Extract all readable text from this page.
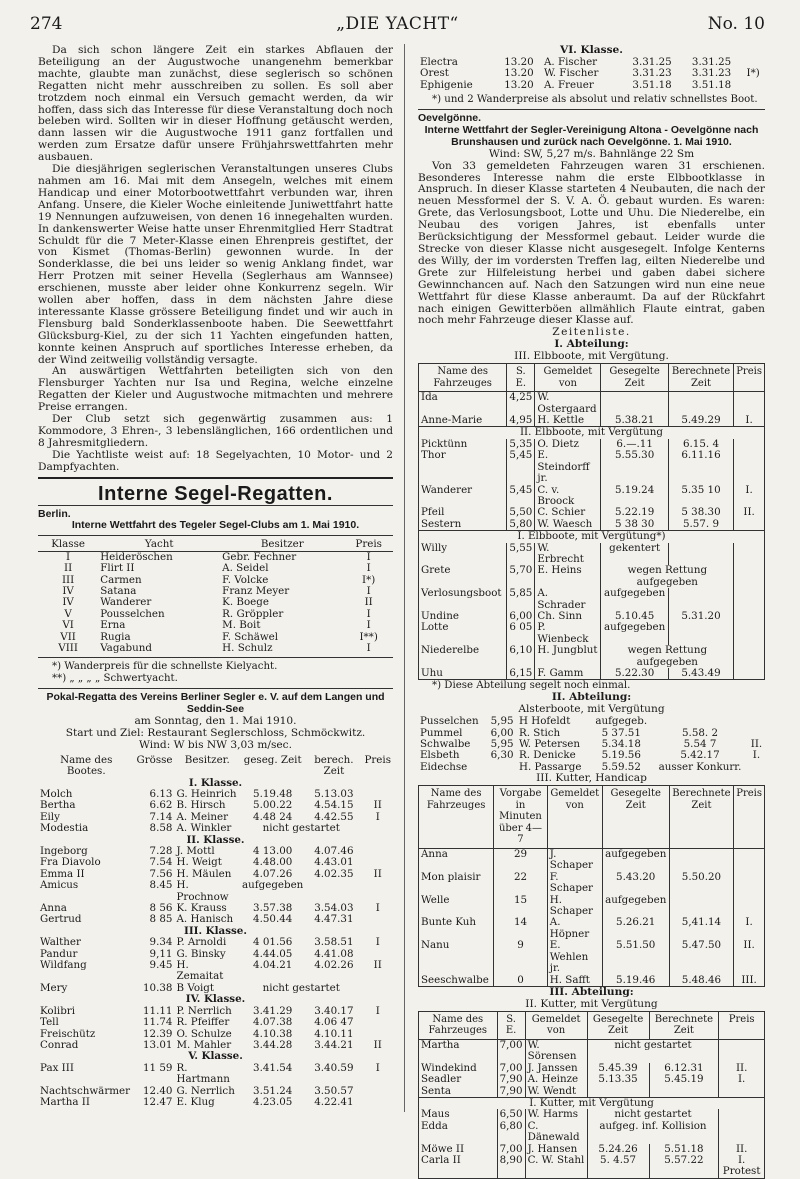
274	„DIE YACHT“	No. 10

Da sich schon längere Zeit ein starkes Abflauen der Beteiligung an der Augustwoche unangenehm bemerkbar machte, glaubte man zunächst, diese seglerisch so schönen Regatten nicht mehr ausschreiben zu sollen. Es soll aber trotzdem noch einmal ein Versuch gemacht werden, da wir hoffen, dass sich das Interesse für diese Veranstaltung doch noch beleben wird. Sollten wir in dieser Hoffnung getäuscht werden, dann lassen wir die Augustwoche 1911 ganz fortfallen und werden zum Ersatze dafür unsere Frühjahrswettfahrten mehr ausbauen.

Die diesjährigen seglerischen Veranstaltungen unseres Clubs nahmen am 16. Mai mit dem Ansegeln, welches mit einem Handicap und einer Motorbootwettfahrt verbunden war, ihren Anfang. Unsere, die Kieler Woche einleitende Juniwettfahrt hatte 19 Nennungen aufzuweisen, von denen 16 innegehalten wurden. In dankenswerter Weise hatte unser Ehrenmitglied Herr Stadtrat Schuldt für die 7 Meter-Klasse einen Ehrenpreis gestiftet, der von Kismet (Thomas-Berlin) gewonnen wurde. In der Sonderklasse, die bei uns leider so wenig Anklang findet, war Herr Protzen mit seiner Hevella (Seglerhaus am Wannsee) erschienen, musste aber leider ohne Konkurrenz segeln. Wir wollen aber hoffen, dass in dem nächsten Jahre diese interessante Klasse grössere Beteiligung findet und wir auch in Flensburg bald Sonderklassenboote haben. Die Seewettfahrt Glücksburg-Kiel, zu der sich 11 Yachten eingefunden hatten, konnte keinen Anspruch auf sportliches Interesse erheben, da der Wind zeitweilig vollständig versagte.

An auswärtigen Wettfahrten beteiligten sich von den Flensburger Yachten nur Isa und Regina, welche einzelne Regatten der Kieler und Augustwoche mitmachten und mehrere Preise errangen.

Der Club setzt sich gegenwärtig zusammen aus: 1 Kommodore, 3 Ehren-, 3 lebenslänglichen, 166 ordentlichen und 8 Jahresmitgliedern.

Die Yachtliste weist auf: 18 Segelyachten, 10 Motor- und 2 Dampfyachten.

Interne Segel-Regatten.
Berlin.
Interne Wettfahrt des Tegeler Segel-Clubs am 1. Mai 1910.
Klasse	Yacht	Besitzer	Preis
I	Heideröschen	Gebr. Fechner	I
II	Flirt II	A. Seidel	I
III	Carmen	F. Volcke	I*)
IV	Satana	Franz Meyer	I
IV	Wanderer	K. Boege	II
V	Pousselchen	R. Gröppler	I
VI	Erna	M. Boit	I
VII	Rugia	F. Schäwel	I**)
VIII	Vagabund	H. Schulz	I
*) Wanderpreis für die schnellste Kielyacht.
**) „ „ „ „ Schwertyacht.
Pokal-Regatta des Vereins Berliner Segler e. V. auf dem Langen und Seddin-See
am Sonntag, den 1. Mai 1910.
Start und Ziel: Restaurant Seglerschloss, Schmöckwitz.
Wind: W bis NW 3,03 m/sec.
Name des Bootes.	Grösse	Besitzer.	geseg. Zeit	berech. Zeit	Preis
I. Klasse.					
Molch	6.13	G. Heinrich	5.19.48	5.13.03	
Bertha	6.62	B. Hirsch	5.00.22	4.54.15	II
Eily	7.14	A. Meiner	4.48 24	4.42.55	I
Modestia	8.58	A. Winkler	nicht gestartet		
II. Klasse.					
Ingeborg	7.28	J. Mottl	4 13.00	4.07.46	
Fra Diavolo	7.54	H. Weigt	4.48.00	4.43.01	
Emma II	7.56	H. Mäulen	4.07.26	4.02.35	II
Amicus	8.45	H. Prochnow	aufgegeben		
Anna	8 56	K. Krauss	3.57.38	3.54.03	I
Gertrud	8 85	A. Hanisch	4.50.44	4.47.31	
III. Klasse.					
Walther	9.34	P. Arnoldi	4 01.56	3.58.51	I
Pandur	9,11	G. Binsky	4.44.05	4.41.08	
Wildfang	9.45	H. Zemaitat	4.04.21	4.02.26	II
Mery	10.38	B Voigt	nicht gestartet		
IV. Klasse.					
Kolibri	11.11	P. Nerrlich	3.41.29	3.40.17	I
Tell	11.74	R. Pfeiffer	4.07.38	4.06 47	
Freischütz	12.39	O. Schulze	4.10.38	4.10.11	
Conrad	13.01	M. Mahler	3.44.28	3.44.21	II
V. Klasse.					
Pax III	11 59	R. Hartmann	3.41.54	3.40.59	I
Nachtschwärmer	12.40	G. Nerrlich	3.51.24	3.50.57	
Martha II	12.47	E. Klug	4.23.05	4.22.41	
VI. Klasse.
Electra	13.20	A. Fischer	3.31.25	3.31.25	
Orest	13.20	W. Fischer	3.31.23	3.31.23	I*)
Ephigenie	13.20	A. Freuer	3.51.18	3.51.18	
*) und 2 Wanderpreise als absolut und relativ schnellstes Boot.
Oevelgönne.
Interne Wettfahrt der Segler-Vereinigung Altona - Oevelgönne nach Brunshausen und zurück nach Oevelgönne. 1. Mai 1910.
Wind: SW, 5,27 m/s. Bahnlänge 22 Sm

Von 33 gemeldeten Fahrzeugen waren 31 erschienen. Besonderes Interesse nahm die erste Elbbootklasse in Anspruch. In dieser Klasse starteten 4 Neubauten, die nach der neuen Messformel der S. V. A. Ö. gebaut wurden. Es waren: Grete, das Verlosungsboot, Lotte und Uhu. Die Niederelbe, ein Neubau des vorigen Jahres, ist ebenfalls unter Berücksichtigung der Messformel gebaut. Leider wurde die Strecke von dieser Klasse nicht ausgesegelt. Infolge Kenterns des Willy, der im vordersten Treffen lag, eilten Niederelbe und Grete zur Hilfeleistung herbei und gaben dabei sichere Gewinnchancen auf. Nach den Satzungen wird nun eine neue Wettfahrt für diese Klasse anberaumt. Da auf der Rückfahrt nach einigen Gewitterböen allmählich Flaute eintrat, gaben noch mehr Fahrzeuge dieser Klasse auf.

Zeitenliste.
I. Abteilung:
III. Elbboote, mit Vergütung.
Name des Fahrzeuges	S. E.	Gemeldet von	Gesegelte Zeit	Berechnete Zeit	Preis
Ida	4,25	W. Ostergaard			
Anne-Marie	4,95	H. Kettle	5.38.21	5.49.29	I.
II. Elbboote, mit Vergütung					
Picktünn	5,35	O. Dietz	6.—.11	6.15. 4	
Thor	5,45	E. Steindorff jr.	5.55.30	6.11.16	
Wanderer	5,45	C. v. Broock	5.19.24	5.35 10	I.
Pfeil	5,50	C. Schier	5.22.19	5 38.30	II.
Sestern	5,80	W. Waesch	5 38 30	5.57. 9	
I. Elbboote, mit Vergütung*)					
Willy	5,55	W. Erbrecht	gekentert		
Grete	5,70	E. Heins	wegen Rettung aufgegeben		
Verlosungsboot	5,85	A. Schrader	aufgegeben		
Undine	6,00	Ch. Sinn	5.10.45	5.31.20	
Lotte	6 05	P. Wienbeck	aufgegeben		
Niederelbe	6,10	H. Jungblut	wegen Rettung aufgegeben		
Uhu	6,15	F. Gamm	5.22.30	5.43.49	
*) Diese Abteilung segelt noch einmal.
II. Abteilung:
Alsterboote, mit Vergütung
Pusselchen	5,95	H Hofeldt	aufgegeb.		
Pummel	6,00	R. Stich	5 37.51	5.58. 2	
Schwalbe	5,95	W. Petersen	5.34.18	5.54 7	II.
Elsbeth	6,30	R. Denicke	5.19.56	5.42.17	I.
Eidechse		H. Passarge	5.59.52	ausser Konkurr.	
III. Kutter, Handicap
Name des Fahrzeuges	Vorgabe in Minuten über 4—7	Gemeldet von	Gesegelte Zeit	Berechnete Zeit	Preis
Anna	29	J. Schaper	aufgegeben		
Mon plaisir	22	F. Schaper	5.43.20	5.50.20	
Welle	15	H. Schaper	aufgegeben		
Bunte Kuh	14	A. Höpner	5.26.21	5,41.14	I.
Nanu	9	E. Wehlen jr.	5.51.50	5.47.50	II.
Seeschwalbe	0	H. Safft	5.19.46	5.48.46	III.
III. Abteilung:
II. Kutter, mit Vergütung
Name des Fahrzeuges	S. E.	Gemeldet von	Gesegelte Zeit	Berechnete Zeit	Preis
Martha	7,00	W. Sörensen	nicht gestartet		
Windekind	7,00	J. Janssen	5.45.39	6.12.31	II.
Seadler	7,90	A. Heinze	5.13.35	5.45.19	I.
Senta	7,90	W. Wendt			
I. Kutter, mit Vergütung					
Maus	6,50	W. Harms	nicht gestartet		
Edda	6,80	C. Dänewald	aufgeg. inf. Kollision		
Möwe II	7,00	J. Hansen	5.24.26	5.51.18	II.
Carla II	8,90	C. W. Stahl	5. 4.57	5.57.22	I. Protest
